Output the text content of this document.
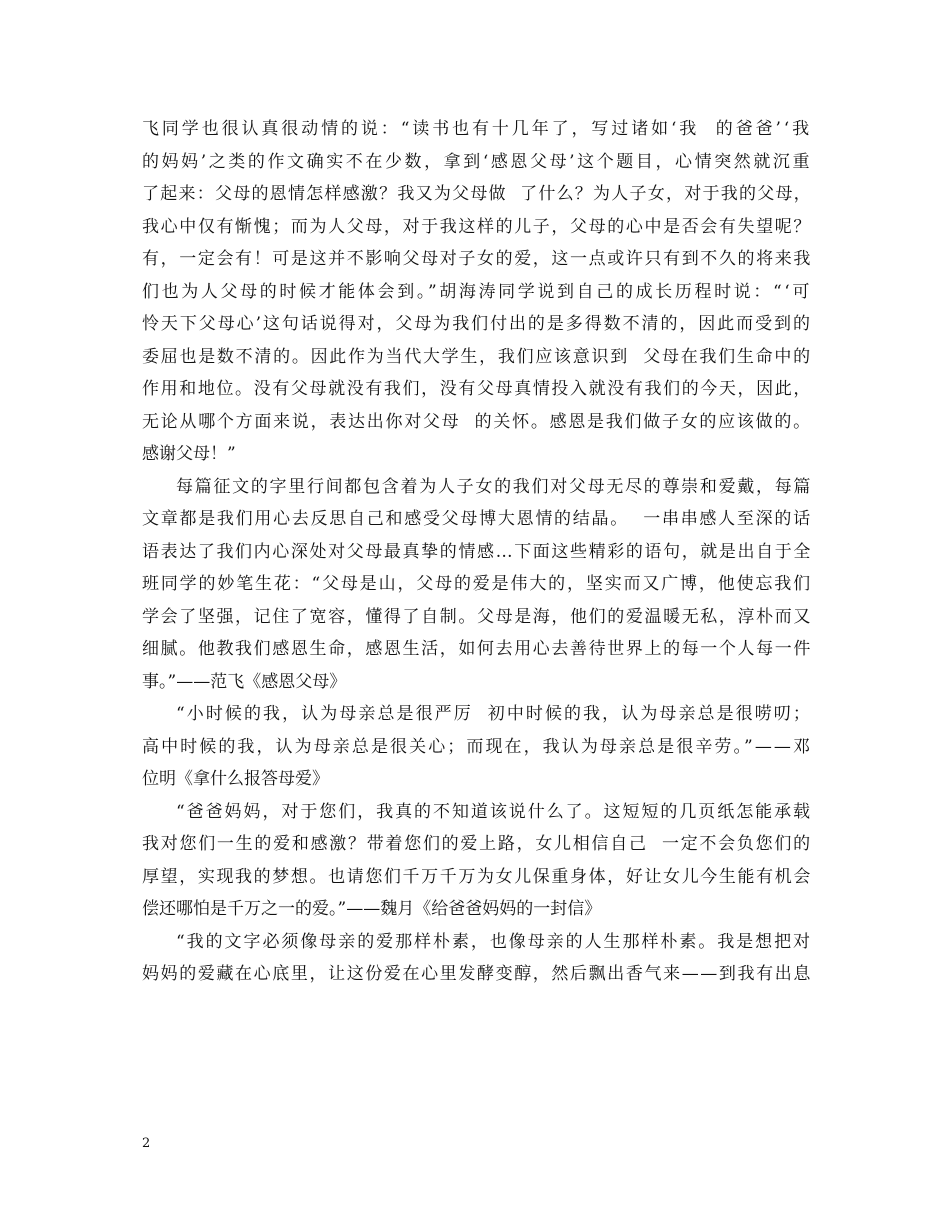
飞同学也很认真很动情的说：“读书也有十几年了，写过诸如‘我  的爸爸’‘我
的妈妈’之类的作文确实不在少数，拿到‘感恩父母’这个题目，心情突然就沉重
了起来：父母的恩情怎样感激？我又为父母做  了什么？为人子女，对于我的父母，
我心中仅有惭愧；而为人父母，对于我这样的儿子，父母的心中是否会有失望呢？
有，一定会有！可是这并不影响父母对子女的爱，这一点或许只有到不久的将来我
们也为人父母的时候才能体会到。”胡海涛同学说到自己的成长历程时说：“‘可
怜天下父母心’这句话说得对，父母为我们付出的是多得数不清的，因此而受到的
委屈也是数不清的。因此作为当代大学生，我们应该意识到  父母在我们生命中的
作用和地位。没有父母就没有我们，没有父母真情投入就没有我们的今天，因此，
无论从哪个方面来说，表达出你对父母  的关怀。感恩是我们做子女的应该做的。
感谢父母！”
每篇征文的字里行间都包含着为人子女的我们对父母无尽的尊崇和爱戴，每篇
文章都是我们用心去反思自己和感受父母博大恩情的结晶。  一串串感人至深的话
语表达了我们内心深处对父母最真挚的情感…下面这些精彩的语句，就是出自于全
班同学的妙笔生花：“父母是山，父母的爱是伟大的，坚实而又广博，他使忘我们
学会了坚强，记住了宽容，懂得了自制。父母是海，他们的爱温暖无私，淳朴而又
细腻。他教我们感恩生命，感恩生活，如何去用心去善待世界上的每一个人每一件
事。”——范飞《感恩父母》
“小时候的我，认为母亲总是很严厉  初中时候的我，认为母亲总是很唠叨；
高中时候的我，认为母亲总是很关心；而现在，我认为母亲总是很辛劳。”——邓
位明《拿什么报答母爱》
“爸爸妈妈，对于您们，我真的不知道该说什么了。这短短的几页纸怎能承载
我对您们一生的爱和感激？带着您们的爱上路，女儿相信自己  一定不会负您们的
厚望，实现我的梦想。也请您们千万千万为女儿保重身体，好让女儿今生能有机会
偿还哪怕是千万之一的爱。”——魏月《给爸爸妈妈的一封信》
“我的文字必须像母亲的爱那样朴素，也像母亲的人生那样朴素。我是想把对
妈妈的爱藏在心底里，让这份爱在心里发酵变醇，然后飘出香气来——到我有出息
2
